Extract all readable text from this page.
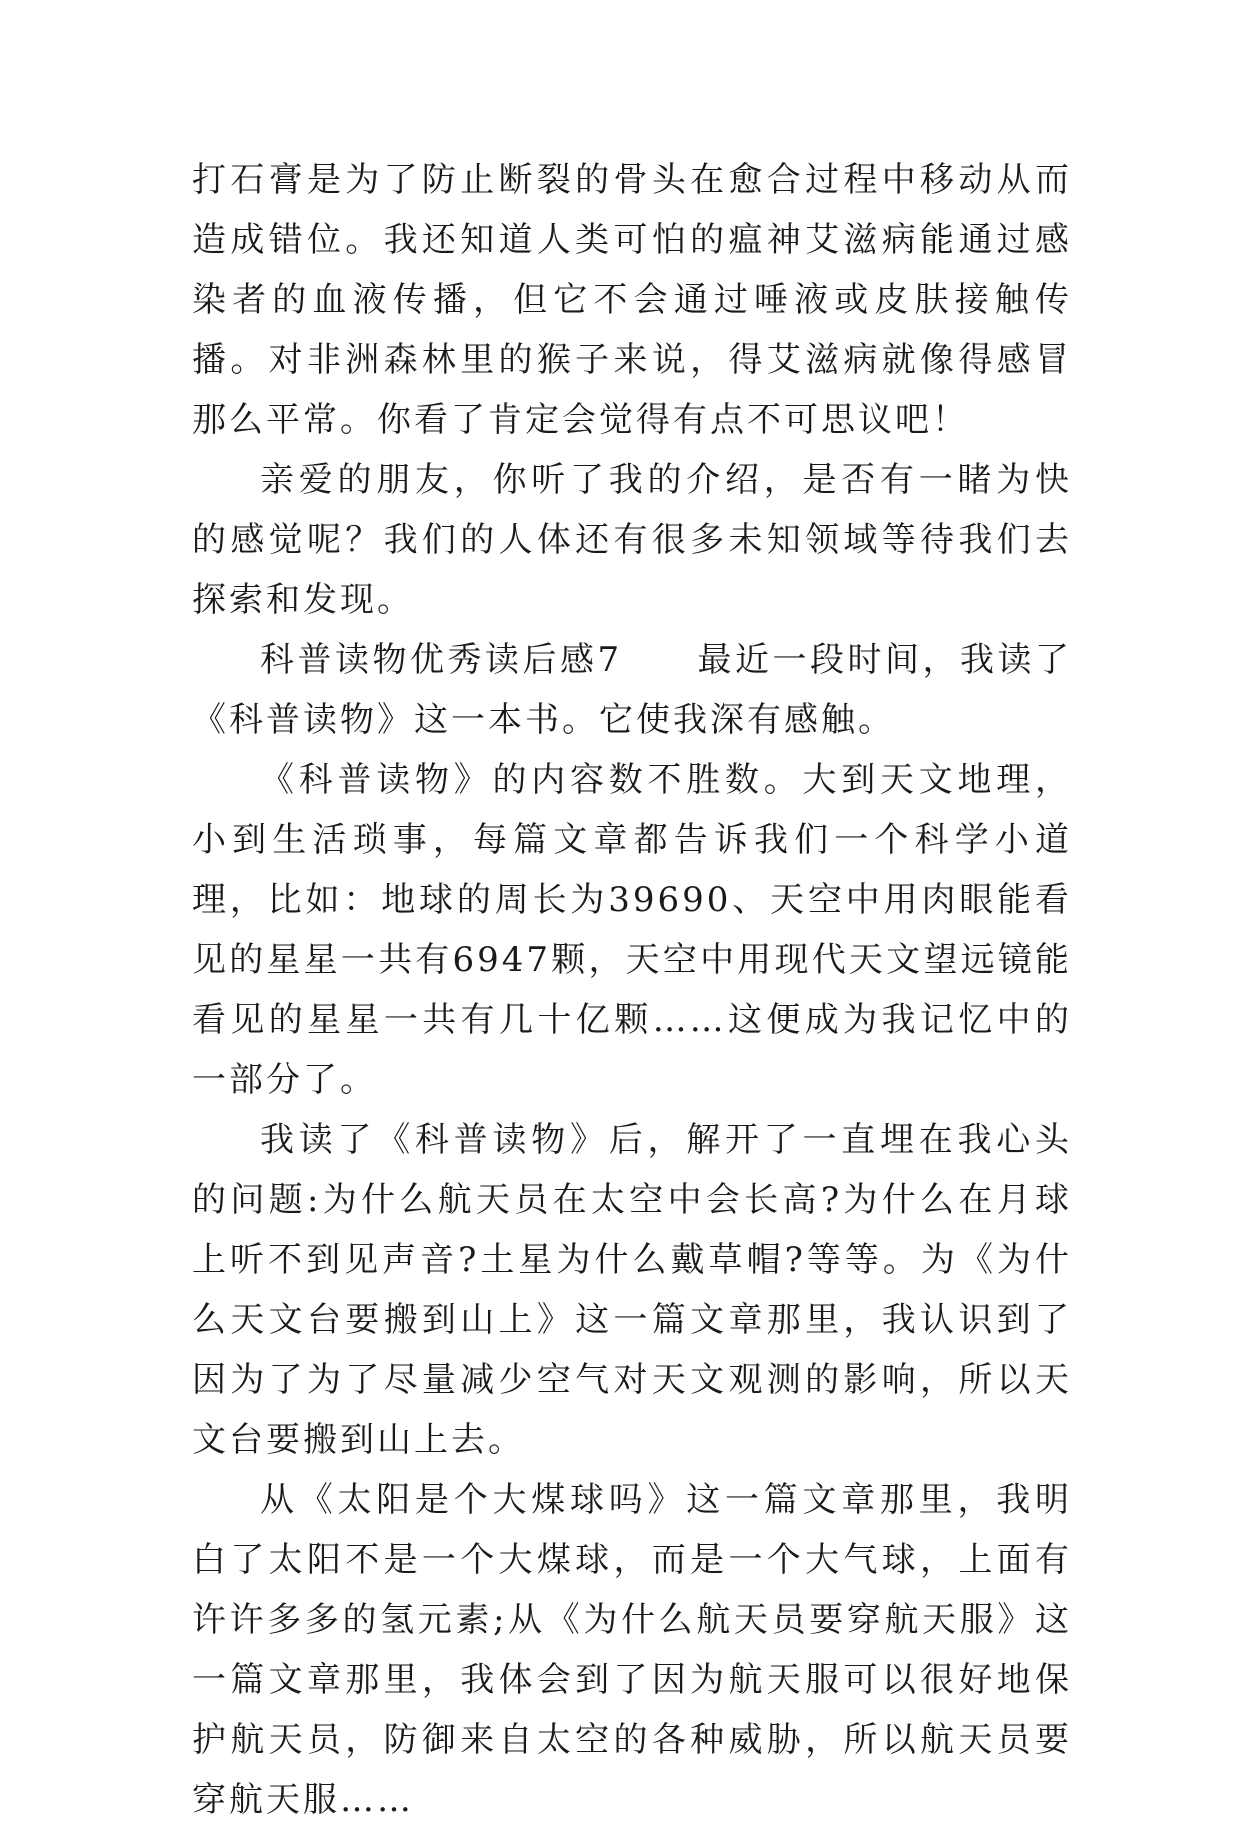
打石膏是为了防止断裂的骨头在愈合过程中移动从而造成错位。我还知道人类可怕的瘟神艾滋病能通过感染者的血液传播，但它不会通过唾液或皮肤接触传播。对非洲森林里的猴子来说，得艾滋病就像得感冒那么平常。你看了肯定会觉得有点不可思议吧！

亲爱的朋友，你听了我的介绍，是否有一睹为快的感觉呢？我们的人体还有很多未知领域等待我们去探索和发现。

科普读物优秀读后感7　　最近一段时间，我读了《科普读物》这一本书。它使我深有感触。

《科普读物》的内容数不胜数。大到天文地理，小到生活琐事，每篇文章都告诉我们一个科学小道理，比如：地球的周长为39690、天空中用肉眼能看见的星星一共有6947颗，天空中用现代天文望远镜能看见的星星一共有几十亿颗……这便成为我记忆中的一部分了。

我读了《科普读物》后，解开了一直埋在我心头的问题:为什么航天员在太空中会长高?为什么在月球上听不到见声音?土星为什么戴草帽?等等。为《为什么天文台要搬到山上》这一篇文章那里，我认识到了因为了为了尽量减少空气对天文观测的影响，所以天文台要搬到山上去。

从《太阳是个大煤球吗》这一篇文章那里，我明白了太阳不是一个大煤球，而是一个大气球，上面有许许多多的氢元素;从《为什么航天员要穿航天服》这一篇文章那里，我体会到了因为航天服可以很好地保护航天员，防御来自太空的各种威胁，所以航天员要穿航天服……
